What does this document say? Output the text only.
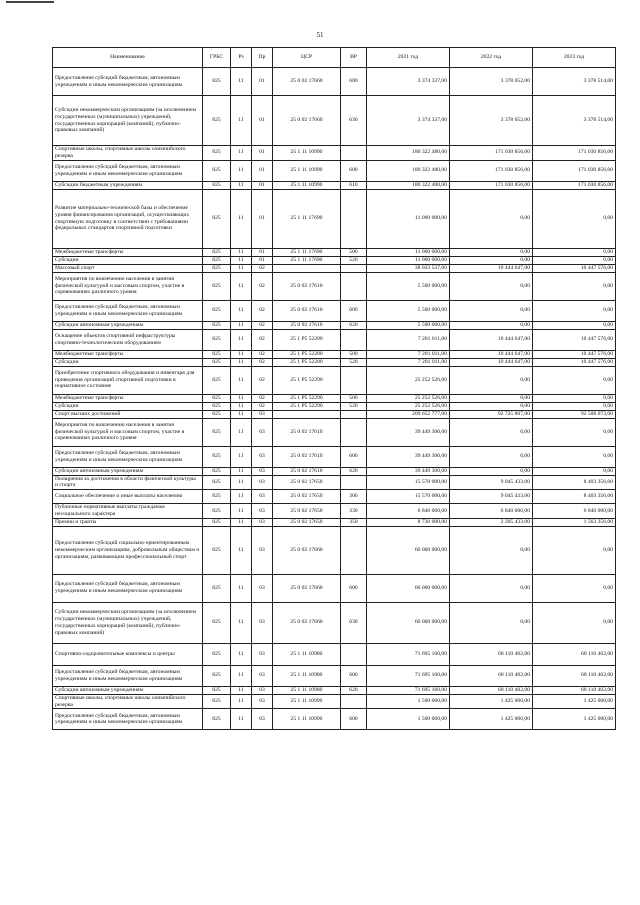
51
Наименование	ГРБС	Рз	Пр	ЦСР	ВР	2021 год	2022 год	2023 год
Предоставление субсидий бюджетным, автономным учреждениям и иным некоммерческим организациям	825	11	01	25 0 02 17660	600	3 374 337,00	3 378 052,00	3 378 514,00
Субсидии некоммерческим организациям (за исключением государственных (муниципальных) учреждений, государственных корпораций (компаний), публично-правовых компаний)	825	11	01	25 0 02 17660	630	3 374 337,00	3 378 052,00	3 378 514,00
Спортивные школы, спортивные школы олимпийского резерва	825	11	01	25 1 11 10990		180 322 480,00	171 030 856,00	171 030 856,00
Предоставление субсидий бюджетным, автономным учреждениям и иным некоммерческим организациям	825	11	01	25 1 11 10990	600	180 322 480,00	171 030 856,00	171 030 856,00
Субсидии бюджетным учреждениям	825	11	01	25 1 11 10990	610	180 322 480,00	171 030 856,00	171 030 856,00
Развитие материально-технической базы и обеспечение уровня финансирования организаций, осуществляющих спортивную подготовку в соответствии с требованиями федеральных стандартов спортивной подготовки	825	11	01	25 1 11 17690		11 000 000,00	0,00	0,00
Межбюджетные трансферты	825	11	01	25 1 11 17690	500	11 000 000,00	0,00	0,00
Субсидии	825	11	01	25 1 11 17690	520	11 000 000,00	0,00	0,00
Массовый спорт	825	11	02			38 033 537,00	10 444 647,00	10 447 576,00
Мероприятия по вовлечению населения в занятия физической культурой и массовым спортом, участие в соревнованиях различного уровня	825	11	02	25 0 02 17610		5 500 000,00	0,00	0,00
Предоставление субсидий бюджетным, автономным учреждениям и иным некоммерческим организациям	825	11	02	25 0 02 17610	600	5 500 000,00	0,00	0,00
Субсидии автономным учреждениям	825	11	02	25 0 02 17610	620	5 500 000,00	0,00	0,00
Оснащение объектов спортивной инфраструктуры спортивно-технологическим оборудованием	825	11	02	25 1 P5 52280		7 281 011,00	10 444 647,00	10 447 576,00
Межбюджетные трансферты	825	11	02	25 1 P5 52280	500	7 281 011,00	10 444 647,00	10 447 576,00
Субсидии	825	11	02	25 1 P5 52280	520	7 281 011,00	10 444 647,00	10 447 576,00
Приобретение спортивного оборудования и инвентаря для приведения организаций спортивной подготовки в нормативное состояние	825	11	02	25 1 P5 52290		25 252 526,00	0,00	0,00
Межбюджетные трансферты	825	11	02	25 1 P5 52290	500	25 252 526,00	0,00	0,00
Субсидии	825	11	02	25 1 P5 52290	520	25 252 526,00	0,00	0,00
Спорт высших достижений	825	11	03			209 652 777,00	92 725 807,00	92 508 073,00
Мероприятия по вовлечению населения в занятия физической культурой и массовым спортом, участие в соревнованиях различного уровня	825	11	03	25 0 02 17610		39 449 300,00	0,00	0,00
Предоставление субсидий бюджетным, автономным учреждениям и иным некоммерческим организациям	825	11	03	25 0 02 17610	600	39 449 300,00	0,00	0,00
Субсидии автономным учреждениям	825	11	03	25 0 02 17610	620	39 449 300,00	0,00	0,00
Поощрения за достижения в области физической культуры и спорта	825	11	03	25 0 02 17650		15 570 000,00	9 045 433,00	8 403 356,00
Социальное обеспечение и иные выплаты населению	825	11	03	25 0 02 17650	300	15 570 000,00	9 045 433,00	8 403 356,00
Публичные нормативные выплаты гражданам несоциального характера	825	11	03	25 0 02 17650	330	6 840 000,00	6 840 000,00	6 840 000,00
Премии и гранты	825	11	03	25 0 02 17650	350	8 730 000,00	2 205 433,00	1 563 356,00
Предоставление субсидий социально-ориентированным некоммерческим организациям, добровольным обществам и организациям, развивающим профессиональный спорт	825	11	03	25 0 02 17660		60 000 000,00	0,00	0,00
Предоставление субсидий бюджетным, автономным учреждениям и иным некоммерческим организациям	825	11	03	25 0 02 17660	600	60 000 000,00	0,00	0,00
Субсидии некоммерческим организациям (за исключением государственных (муниципальных) учреждений, государственных корпораций (компаний), публично-правовых компаний)	825	11	03	25 0 02 17660	630	60 000 000,00	0,00	0,00
Спортивно-оздоровительные комплексы и центры	825	11	03	25 1 11 10980		71 695 160,00	68 110 402,00	68 110 402,00
Предоставление субсидий бюджетным, автономным учреждениям и иным некоммерческим организациям	825	11	03	25 1 11 10980	600	71 695 160,00	68 110 402,00	68 110 402,00
Субсидии автономным учреждениям	825	11	03	25 1 11 10980	620	71 695 160,00	68 110 402,00	68 110 402,00
Спортивные школы, спортивные школы олимпийского резерва	825	11	03	25 1 11 10990		1 500 000,00	1 425 000,00	1 425 000,00
Предоставление субсидий бюджетным, автономным учреждениям и иным некоммерческим организациям	825	11	03	25 1 11 10990	600	1 500 000,00	1 425 000,00	1 425 000,00
